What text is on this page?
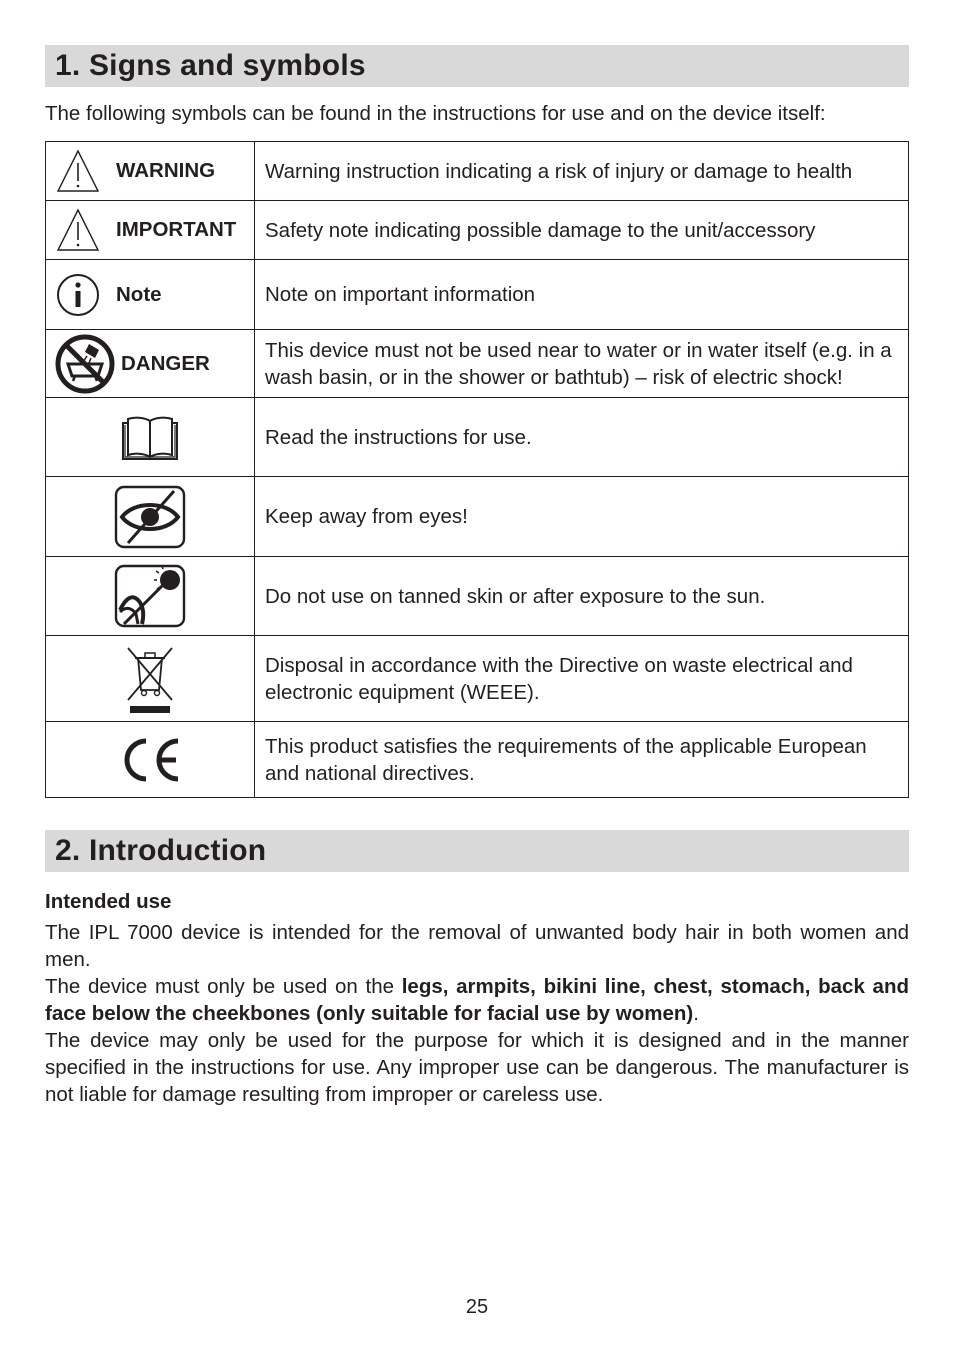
1. Signs and symbols

The following symbols can be found in the instructions for use and on the device itself:

WARNING	Warning instruction indicating a risk of injury or damage to health

IMPORTANT	Safety note indicating possible damage to the unit/accessory

Note	Note on important information

DANGER	This device must not be used near to water or in water itself (e.g. in a wash basin, or in the shower or bathtub) – risk of electric shock!

	Read the instructions for use.

	Keep away from eyes!

	Do not use on tanned skin or after exposure to the sun.

	Disposal in accordance with the Directive on waste electrical and electronic equipment (WEEE).

	This product satisfies the requirements of the applicable European and national directives.
2. Introduction
Intended use

The IPL 7000 device is intended for the removal of unwanted body hair in both women and men.

The device must only be used on the legs, armpits, bikini line, chest, stomach, back and face below the cheekbones (only suitable for facial use by women).

The device may only be used for the purpose for which it is designed and in the manner specified in the instructions for use. Any improper use can be dangerous. The manufacturer is not liable for damage resulting from improper or careless use.

25
